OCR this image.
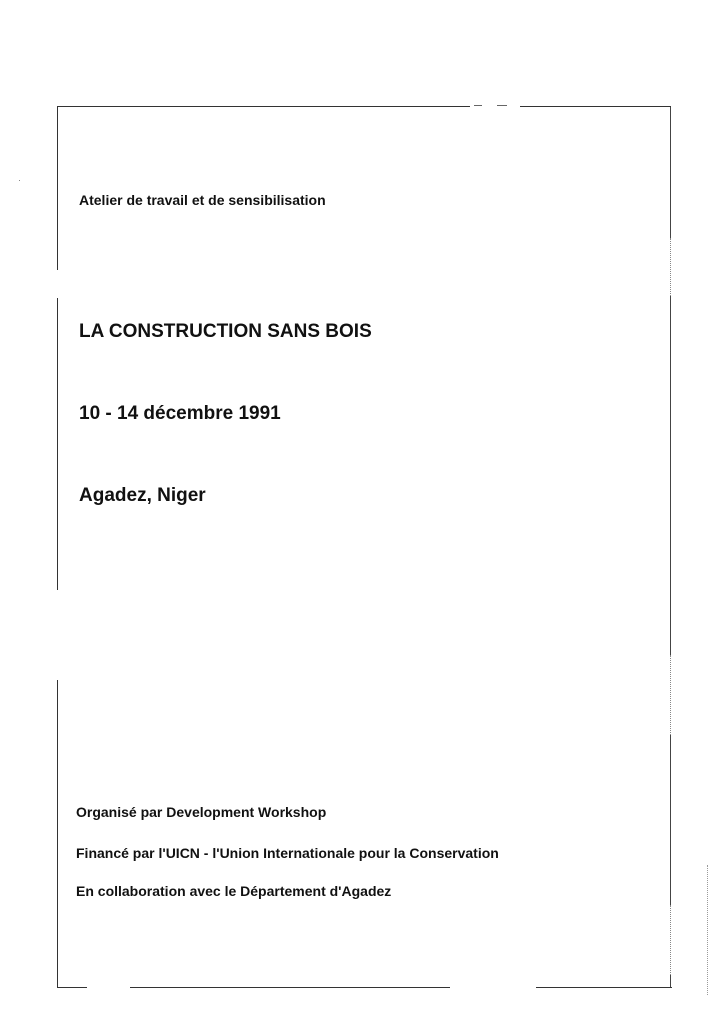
Atelier de travail et de sensibilisation
LA CONSTRUCTION SANS BOIS
10 - 14 décembre 1991
Agadez, Niger
Organisé par Development Workshop
Financé par l'UICN - l'Union Internationale pour la Conservation
En collaboration avec le Département d'Agadez
